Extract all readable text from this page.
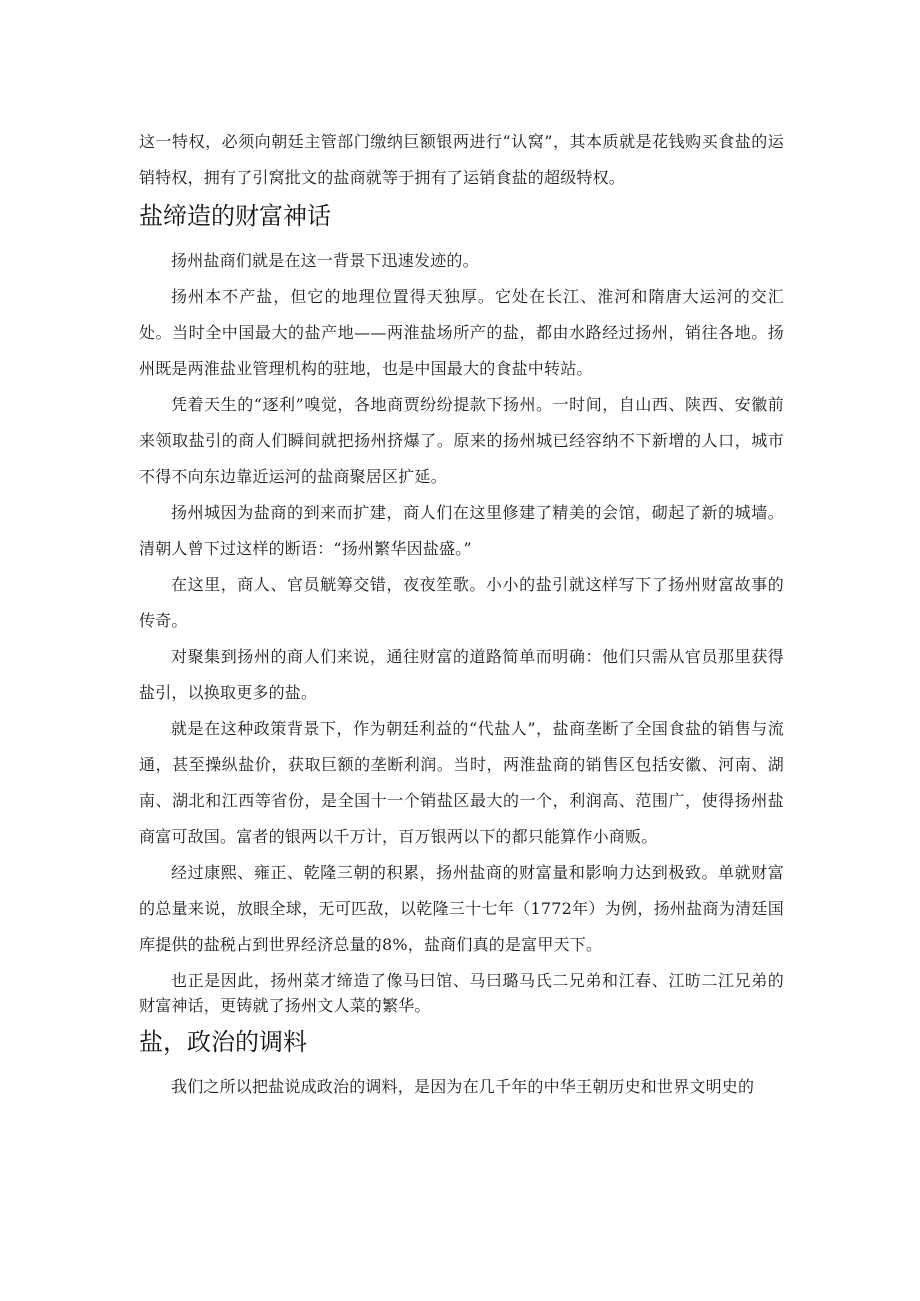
这一特权，必须向朝廷主管部门缴纳巨额银两进行“认窝”，其本质就是花钱购买食盐的运销特权，拥有了引窝批文的盐商就等于拥有了运销食盐的超级特权。

盐缔造的财富神话

扬州盐商们就是在这一背景下迅速发迹的。

扬州本不产盐，但它的地理位置得天独厚。它处在长江、淮河和隋唐大运河的交汇处。当时全中国最大的盐产地——两淮盐场所产的盐，都由水路经过扬州，销往各地。扬州既是两淮盐业管理机构的驻地，也是中国最大的食盐中转站。

凭着天生的“逐利”嗅觉，各地商贾纷纷提款下扬州。一时间，自山西、陕西、安徽前来领取盐引的商人们瞬间就把扬州挤爆了。原来的扬州城已经容纳不下新增的人口，城市不得不向东边靠近运河的盐商聚居区扩延。

扬州城因为盐商的到来而扩建，商人们在这里修建了精美的会馆，砌起了新的城墙。清朝人曾下过这样的断语：“扬州繁华因盐盛。”

在这里，商人、官员觥筹交错，夜夜笙歌。小小的盐引就这样写下了扬州财富故事的传奇。

对聚集到扬州的商人们来说，通往财富的道路简单而明确：他们只需从官员那里获得盐引，以换取更多的盐。

就是在这种政策背景下，作为朝廷利益的“代盐人”，盐商垄断了全国食盐的销售与流通，甚至操纵盐价，获取巨额的垄断利润。当时，两淮盐商的销售区包括安徽、河南、湖南、湖北和江西等省份，是全国十一个销盐区最大的一个，利润高、范围广，使得扬州盐商富可敌国。富者的银两以千万计，百万银两以下的都只能算作小商贩。

经过康熙、雍正、乾隆三朝的积累，扬州盐商的财富量和影响力达到极致。单就财富的总量来说，放眼全球，无可匹敌，以乾隆三十七年（1772年）为例，扬州盐商为清廷国库提供的盐税占到世界经济总量的8%，盐商们真的是富甲天下。

也正是因此，扬州菜才缔造了像马曰馆、马曰璐马氏二兄弟和江春、江昉二江兄弟的财富神话，更铸就了扬州文人菜的繁华。

盐，政治的调料

我们之所以把盐说成政治的调料，是因为在几千年的中华王朝历史和世界文明史的
